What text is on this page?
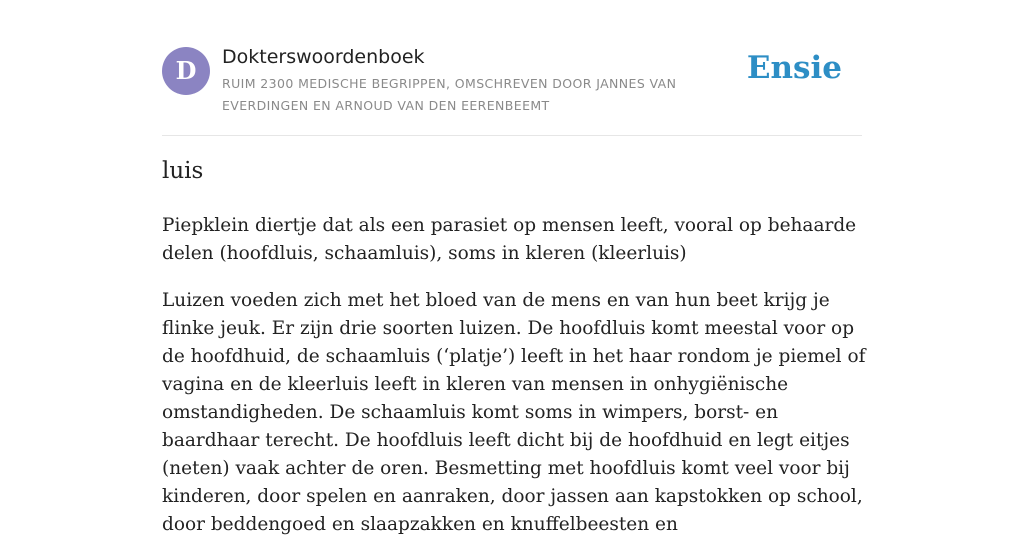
D	Dokterswoordenboek
RUIM 2300 MEDISCHE BEGRIPPEN, OMSCHREVEN DOOR JANNES VAN EVERDINGEN EN ARNOUD VAN DEN EERENBEEMT
Ensie
luis

Piepklein diertje dat als een parasiet op mensen leeft, vooral op behaarde delen (hoofdluis, schaamluis), soms in kleren (kleerluis)

Luizen voeden zich met het bloed van de mens en van hun beet krijg je flinke jeuk. Er zijn drie soorten luizen. De hoofdluis komt meestal voor op de hoofdhuid, de schaamluis (‘platje’) leeft in het haar rondom je piemel of vagina en de kleerluis leeft in kleren van mensen in onhygiënische omstandigheden. De schaamluis komt soms in wimpers, borst- en baardhaar terecht. De hoofdluis leeft dicht bij de hoofdhuid en legt eitjes (neten) vaak achter de oren. Besmetting met hoofdluis komt veel voor bij kinderen, door spelen en aanraken, door jassen aan kapstokken op school, door beddengoed en slaapzakken en knuffelbeesten en
